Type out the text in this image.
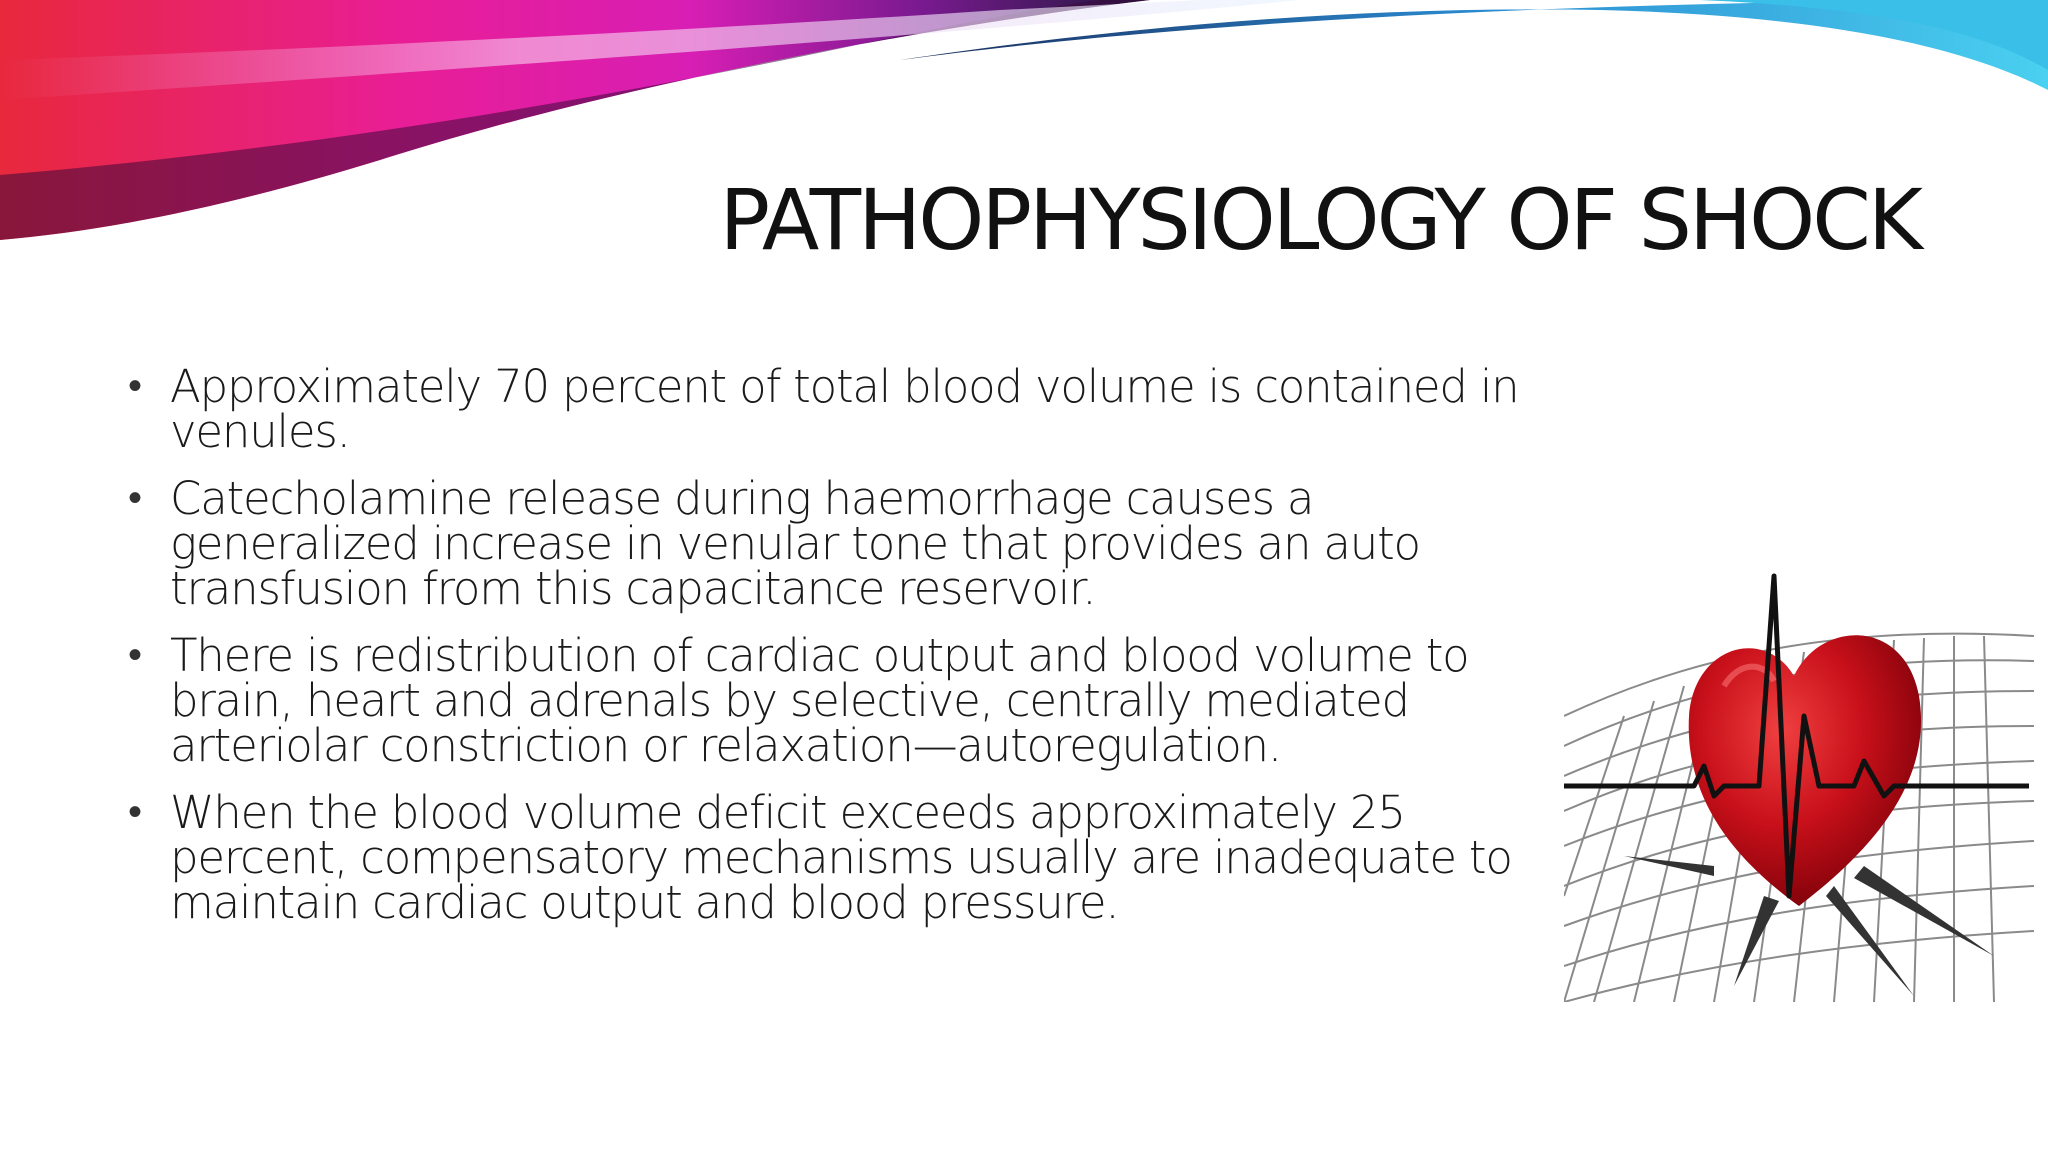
PATHOPHYSIOLOGY OF SHOCK
• Approximately 70 percent of total blood volume is contained in venules.
• Catecholamine release during haemorrhage causes a generalized increase in venular tone that provides an auto transfusion from this capacitance reservoir.
• There is redistribution of cardiac output and blood volume to brain, heart and adrenals by selective, centrally mediated arteriolar constriction or relaxation—autoregulation.
• When the blood volume deficit exceeds approximately 25 percent, compensatory mechanisms usually are inadequate to maintain cardiac output and blood pressure.
